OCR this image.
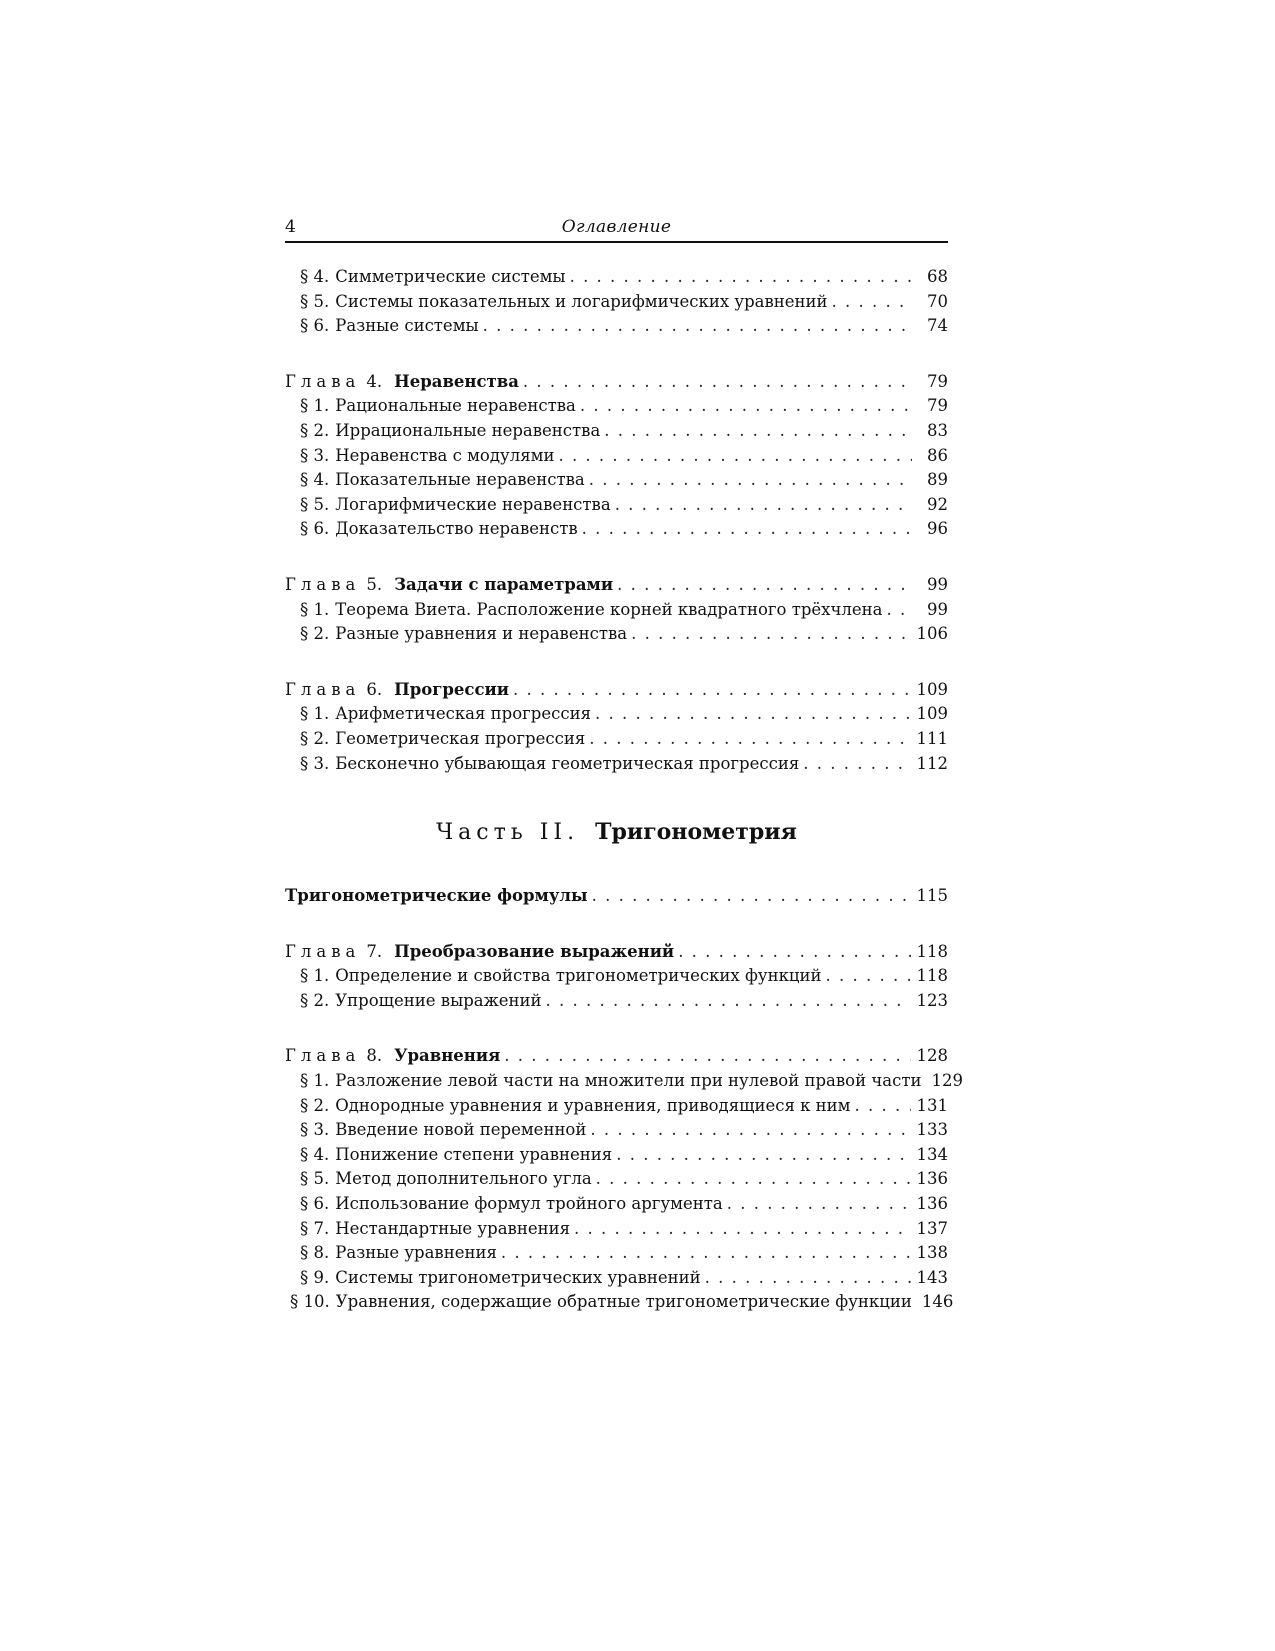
4	Оглавление
§ 4. Симметрические системы . . .	68
§ 5. Системы показательных и логарифмических уравнений . . .	70
§ 6. Разные системы . . .	74
Глава 4. Неравенства . . .	79
§ 1. Рациональные неравенства . . .	79
§ 2. Иррациональные неравенства . . .	83
§ 3. Неравенства с модулями . . .	86
§ 4. Показательные неравенства . . .	89
§ 5. Логарифмические неравенства . . .	92
§ 6. Доказательство неравенств . . .	96
Глава 5. Задачи с параметрами . . .	99
§ 1. Теорема Виета. Расположение корней квадратного трёхчлена . . .	99
§ 2. Разные уравнения и неравенства . . .	106
Глава 6. Прогрессии . . .	109
§ 1. Арифметическая прогрессия . . .	109
§ 2. Геометрическая прогрессия . . .	111
§ 3. Бесконечно убывающая геометрическая прогрессия . . .	112
Часть II. Тригонометрия
Тригонометрические формулы . . .	115
Глава 7. Преобразование выражений . . .	118
§ 1. Определение и свойства тригонометрических функций . . .	118
§ 2. Упрощение выражений . . .	123
Глава 8. Уравнения . . .	128
§ 1. Разложение левой части на множители при нулевой правой части 129
§ 2. Однородные уравнения и уравнения, приводящиеся к ним . . .	131
§ 3. Введение новой переменной . . .	133
§ 4. Понижение степени уравнения . . .	134
§ 5. Метод дополнительного угла . . .	136
§ 6. Использование формул тройного аргумента . . .	136
§ 7. Нестандартные уравнения . . .	137
§ 8. Разные уравнения . . .	138
§ 9. Системы тригонометрических уравнений . . .	143
§ 10. Уравнения, содержащие обратные тригонометрические функции 146
